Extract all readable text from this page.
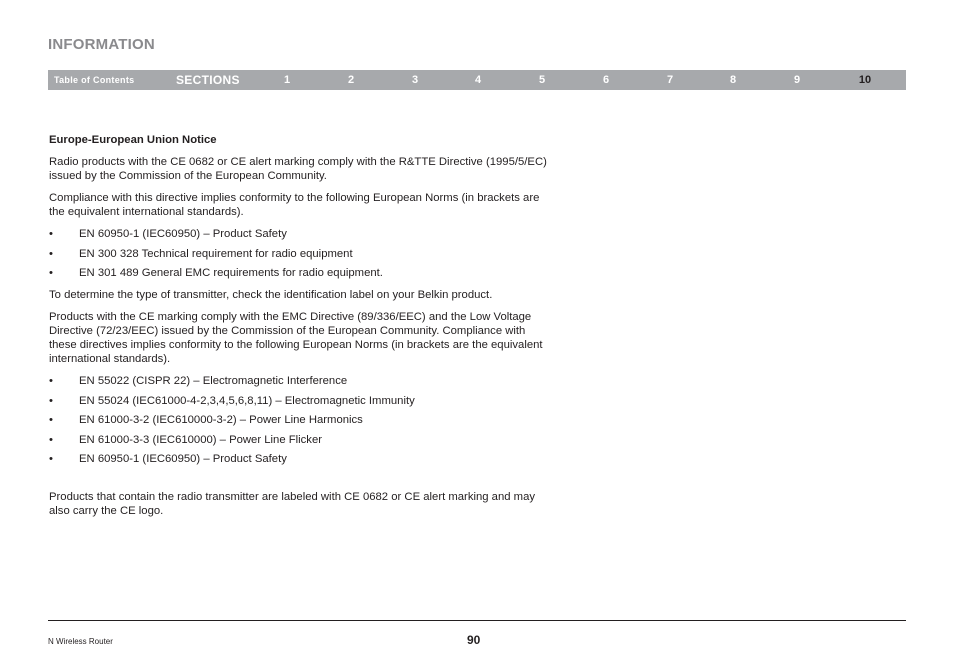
INFORMATION
Table of Contents	SECTIONS	1	2	3	4	5	6	7	8	9	10

Europe-European Union Notice

Radio products with the CE 0682 or CE alert marking comply with the R&TTE Directive (1995/5/EC) issued by the Commission of the European Community.

Compliance with this directive implies conformity to the following European Norms (in brackets are the equivalent international standards).

• EN 60950-1 (IEC60950) – Product Safety
• EN 300 328 Technical requirement for radio equipment
• EN 301 489 General EMC requirements for radio equipment.

To determine the type of transmitter, check the identification label on your Belkin product.

Products with the CE marking comply with the EMC Directive (89/336/EEC) and the Low Voltage Directive (72/23/EEC) issued by the Commission of the European Community. Compliance with these directives implies conformity to the following European Norms (in brackets are the equivalent international standards).

• EN 55022 (CISPR 22) – Electromagnetic Interference
• EN 55024 (IEC61000-4-2,3,4,5,6,8,11) – Electromagnetic Immunity
• EN 61000-3-2 (IEC610000-3-2) – Power Line Harmonics
• EN 61000-3-3 (IEC610000) – Power Line Flicker
• EN 60950-1 (IEC60950) – Product Safety

Products that contain the radio transmitter are labeled with CE 0682 or CE alert marking and may also carry the CE logo.

N Wireless Router	90
